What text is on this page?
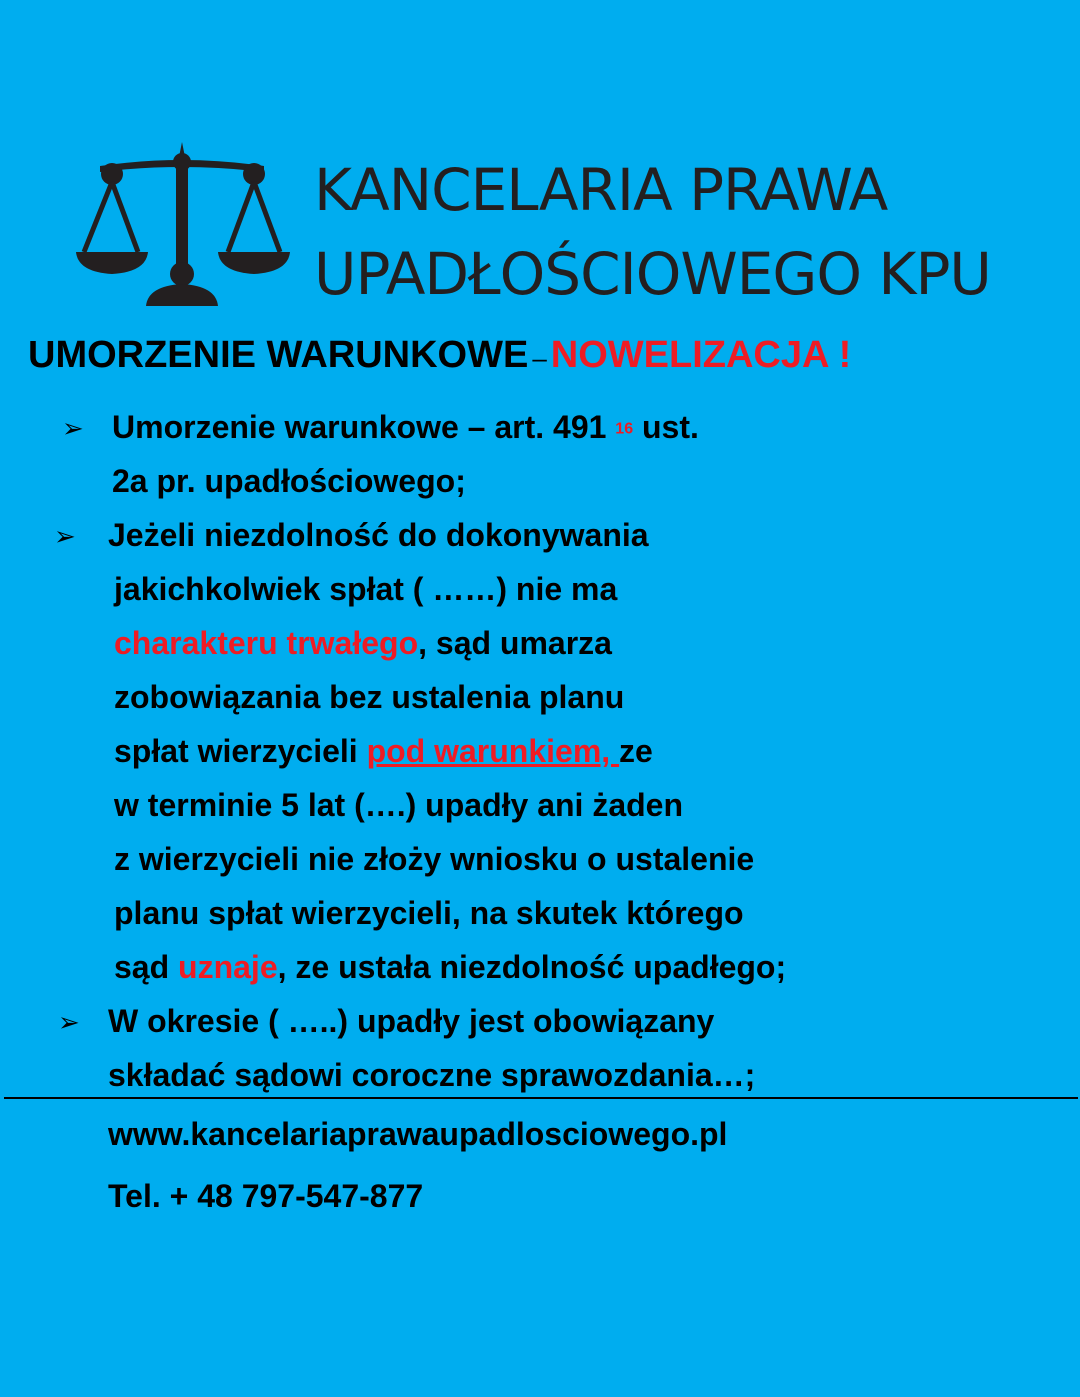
KANCELARIA PRAWA
UPADŁOŚCIOWEGO KPU
UMORZENIE WARUNKOWE – NOWELIZACJA !
➢ Umorzenie warunkowe – art. 491 16 ust.
2a pr. upadłościowego;
➢ Jeżeli niezdolność do dokonywania
jakichkolwiek spłat ( ……) nie ma
charakteru trwałego, sąd umarza
zobowiązania bez ustalenia planu
spłat wierzycieli pod warunkiem, ze
w terminie 5 lat (….) upadły ani żaden
z wierzycieli nie złoży wniosku o ustalenie
planu spłat wierzycieli, na skutek którego
sąd uznaje, ze ustała niezdolność upadłego;
➢ W okresie ( …..) upadły jest obowiązany
składać sądowi coroczne sprawozdania…;
www.kancelariaprawaupadlosciowego.pl
Tel. + 48 797-547-877
